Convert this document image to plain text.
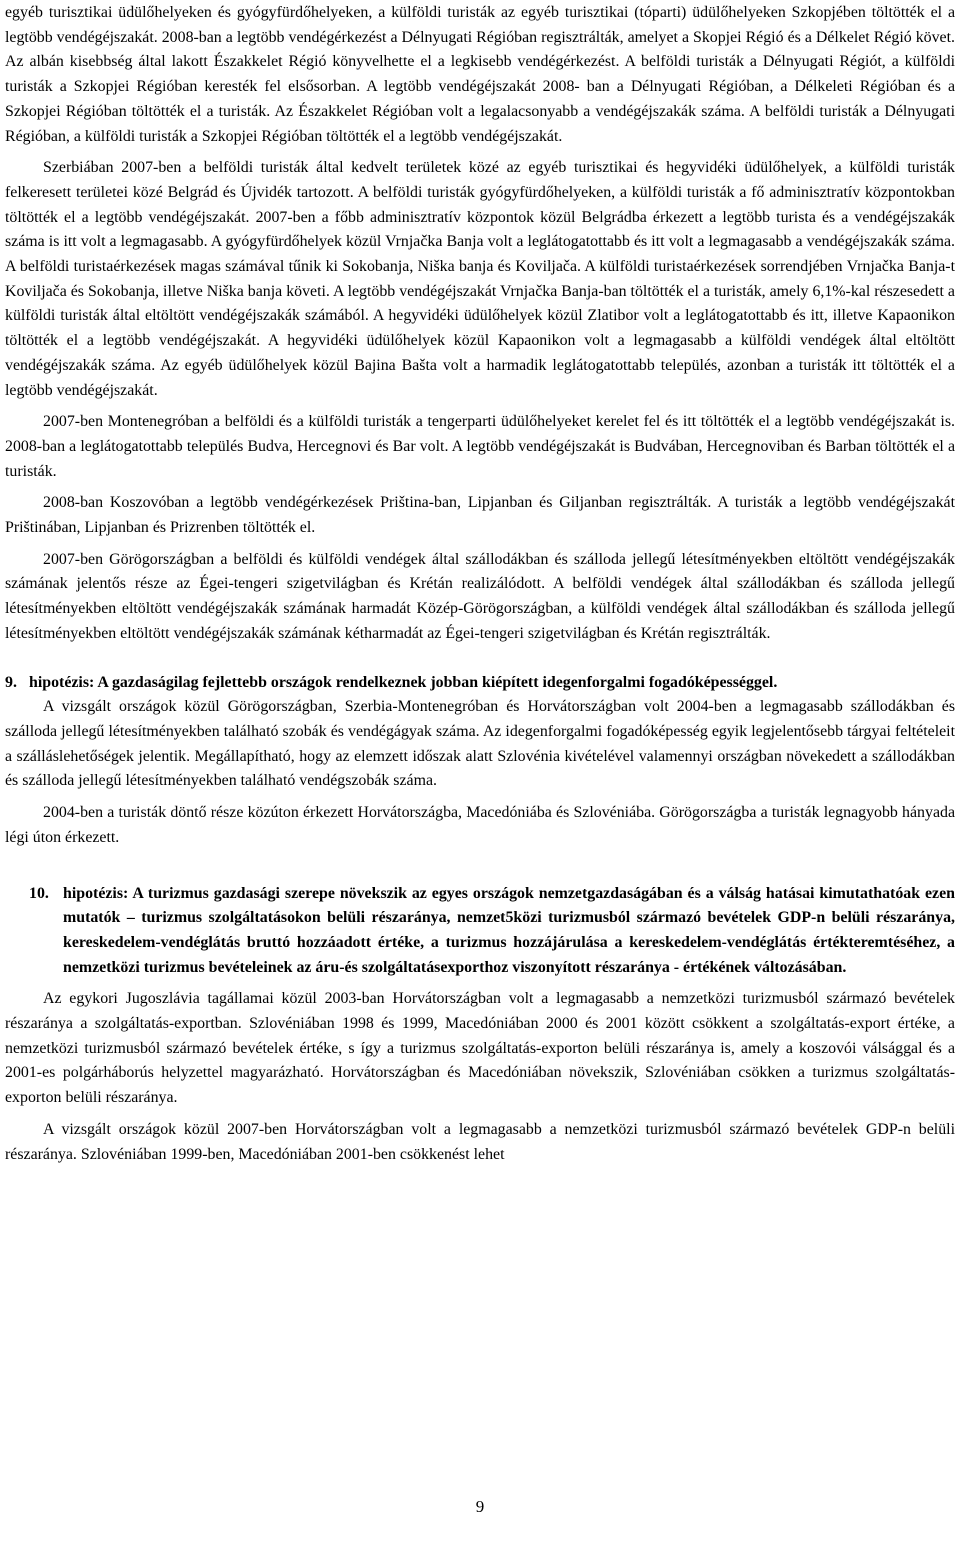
egyéb turisztikai üdülőhelyeken és gyógyfürdőhelyeken, a külföldi turisták az egyéb turisztikai (tóparti) üdülőhelyeken Szkopjében töltötték el a legtöbb vendégéjszakát. 2008-ban a legtöbb vendégérkezést a Délnyugati Régióban regisztrálták, amelyet a Skopjei Régió és a Délkelet Régió követ. Az albán kisebbség által lakott Északkelet Régió könyvelhette el a legkisebb vendégérkezést. A belföldi turisták a Délnyugati Régiót, a külföldi turisták a Szkopjei Régióban keresték fel elsősorban. A legtöbb vendégéjszakát 2008- ban a Délnyugati Régióban, a Délkeleti Régióban és a Szkopjei Régióban töltötték el a turisták. Az Északkelet Régióban volt a legalacsonyabb a vendégéjszakák száma. A belföldi turisták a Délnyugati Régióban, a külföldi turisták a Szkopjei Régióban töltötték el a legtöbb vendégéjszakát.

Szerbiában 2007-ben a belföldi turisták által kedvelt területek közé az egyéb turisztikai és hegyvidéki üdülőhelyek, a külföldi turisták felkeresett területei közé Belgrád és Újvidék tartozott. A belföldi turisták gyógyfürdőhelyeken, a külföldi turisták a fő adminisztratív központokban töltötték el a legtöbb vendégéjszakát. 2007-ben a főbb adminisztratív központok közül Belgrádba érkezett a legtöbb turista és a vendégéjszakák száma is itt volt a legmagasabb. A gyógyfürdőhelyek közül Vrnjačka Banja volt a leglátogatottabb és itt volt a legmagasabb a vendégéjszakák száma. A belföldi turistaérkezések magas számával tűnik ki Sokobanja, Niška banja és Koviljača. A külföldi turistaérkezések sorrendjében Vrnjačka Banja-t Koviljača és Sokobanja, illetve Niška banja követi. A legtöbb vendégéjszakát Vrnjačka Banja-ban töltötték el a turisták, amely 6,1%-kal részesedett a külföldi turisták által eltöltött vendégéjszakák számából. A hegyvidéki üdülőhelyek közül Zlatibor volt a leglátogatottabb és itt, illetve Kapaonikon töltötték el a legtöbb vendégéjszakát. A hegyvidéki üdülőhelyek közül Kapaonikon volt a legmagasabb a külföldi vendégek által eltöltött vendégéjszakák száma. Az egyéb üdülőhelyek közül Bajina Bašta volt a harmadik leglátogatottabb település, azonban a turisták itt töltötték el a legtöbb vendégéjszakát.

2007-ben Montenegróban a belföldi és a külföldi turisták a tengerparti üdülőhelyeket kerelet fel és itt töltötték el a legtöbb vendégéjszakát is. 2008-ban a leglátogatottabb település Budva, Hercegnovi és Bar volt. A legtöbb vendégéjszakát is Budvában, Hercegnoviban és Barban töltötték el a turisták.

2008-ban Koszovóban a legtöbb vendégérkezések Priština-ban, Lipjanban és Giljanban regisztrálták. A turisták a legtöbb vendégéjszakát Prištinában, Lipjanban és Prizrenben töltötték el.

2007-ben Görögországban a belföldi és külföldi vendégek által szállodákban és szálloda jellegű létesítményekben eltöltött vendégéjszakák számának jelentős része az Égei-tengeri szigetvilágban és Krétán realizálódott. A belföldi vendégek által szállodákban és szálloda jellegű létesítményekben eltöltött vendégéjszakák számának harmadát Közép-Görögországban, a külföldi vendégek által szállodákban és szálloda jellegű létesítményekben eltöltött vendégéjszakák számának kétharmadát az Égei-tengeri szigetvilágban és Krétán regisztrálták.

9. hipotézis: A gazdaságilag fejlettebb országok rendelkeznek jobban kiépített idegenforgalmi fogadóképességgel.

A vizsgált országok közül Görögországban, Szerbia-Montenegróban és Horvátországban volt 2004-ben a legmagasabb szállodákban és szálloda jellegű létesítményekben található szobák és vendégágyak száma. Az idegenforgalmi fogadóképesség egyik legjelentősebb tárgyai feltételeit a szálláslehetőségek jelentik. Megállapítható, hogy az elemzett időszak alatt Szlovénia kivételével valamennyi országban növekedett a szállodákban és szálloda jellegű létesítményekben található vendégszobák száma.

2004-ben a turisták döntő része közúton érkezett Horvátországba, Macedóniába és Szlovéniába. Görögországba a turisták legnagyobb hányada légi úton érkezett.

10. hipotézis: A turizmus gazdasági szerepe növekszik az egyes országok nemzetgazdaságában és a válság hatásai kimutathatóak ezen mutatók – turizmus szolgáltatásokon belüli részaránya, nemzet5közi turizmusból származó bevételek GDP-n belüli részaránya, kereskedelem-vendéglátás bruttó hozzáadott értéke, a turizmus hozzájárulása a kereskedelem-vendéglátás értékteremtéséhez, a nemzetközi turizmus bevételeinek az áru-és szolgáltatásexporthoz viszonyított részaránya - értékének változásában.

Az egykori Jugoszlávia tagállamai közül 2003-ban Horvátországban volt a legmagasabb a nemzetközi turizmusból származó bevételek részaránya a szolgáltatás-exportban. Szlovéniában 1998 és 1999, Macedóniában 2000 és 2001 között csökkent a szolgáltatás-export értéke, a nemzetközi turizmusból származó bevételek értéke, s így a turizmus szolgáltatás-exporton belüli részaránya is, amely a koszovói válsággal és a 2001-es polgárháborús helyzettel magyarázható. Horvátországban és Macedóniában növekszik, Szlovéniában csökken a turizmus szolgáltatás-exporton belüli részaránya.

A vizsgált országok közül 2007-ben Horvátországban volt a legmagasabb a nemzetközi turizmusból származó bevételek GDP-n belüli részaránya. Szlovéniában 1999-ben, Macedóniában 2001-ben csökkenést lehet

9
